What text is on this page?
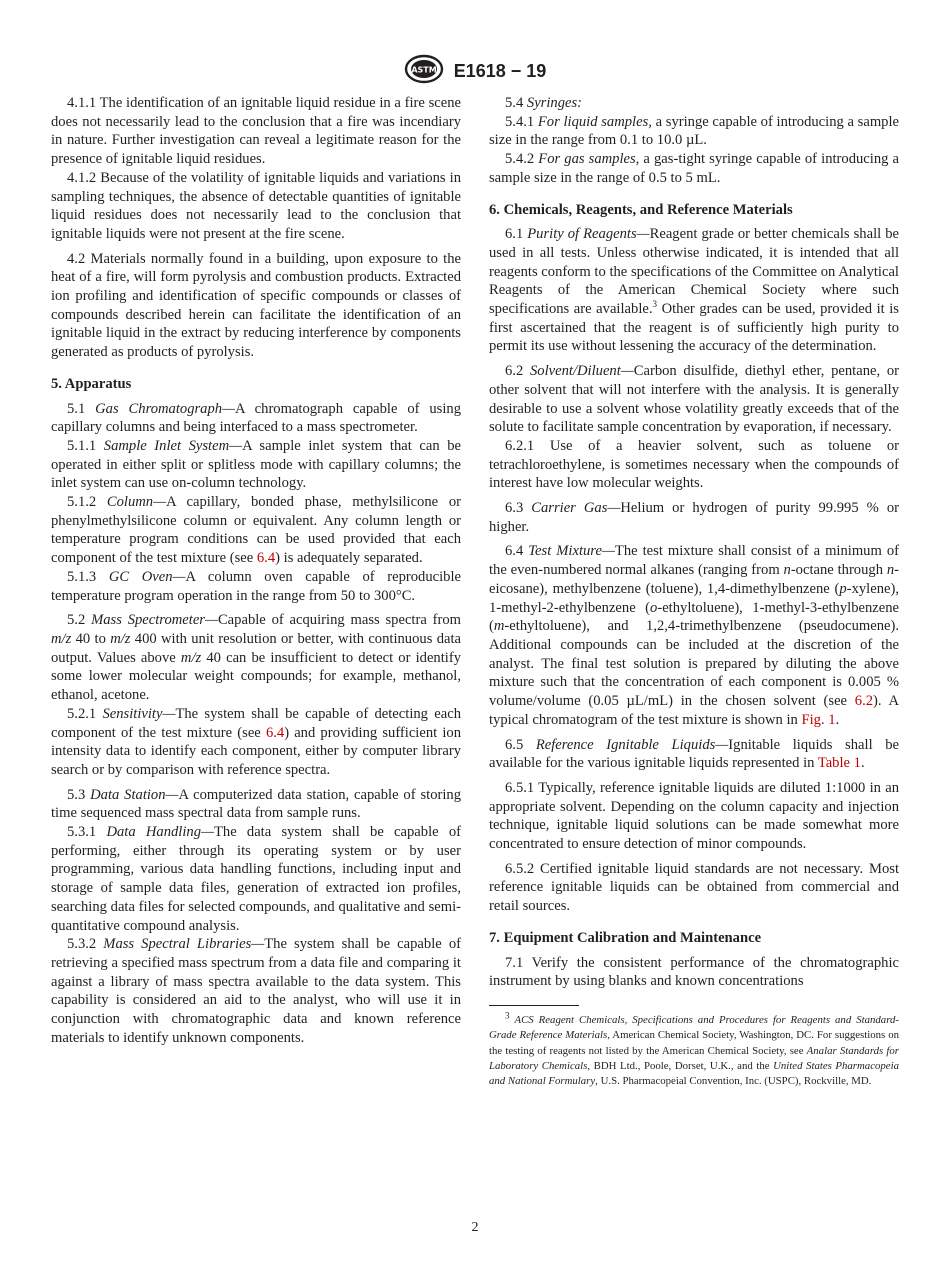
ASTM E1618 − 19

4.1.1 The identification of an ignitable liquid residue in a fire scene does not necessarily lead to the conclusion that a fire was incendiary in nature. Further investigation can reveal a legitimate reason for the presence of ignitable liquid residues.

4.1.2 Because of the volatility of ignitable liquids and variations in sampling techniques, the absence of detectable quantities of ignitable liquid residues does not necessarily lead to the conclusion that ignitable liquids were not present at the fire scene.

4.2 Materials normally found in a building, upon exposure to the heat of a fire, will form pyrolysis and combustion products. Extracted ion profiling and identification of specific compounds or classes of compounds described herein can facilitate the identification of an ignitable liquid in the extract by reducing interference by components generated as products of pyrolysis.

5. Apparatus

5.1 Gas Chromatograph—A chromatograph capable of using capillary columns and being interfaced to a mass spectrometer.

5.1.1 Sample Inlet System—A sample inlet system that can be operated in either split or splitless mode with capillary columns; the inlet system can use on-column technology.

5.1.2 Column—A capillary, bonded phase, methylsilicone or phenylmethylsilicone column or equivalent. Any column length or temperature program conditions can be used provided that each component of the test mixture (see 6.4) is adequately separated.

5.1.3 GC Oven—A column oven capable of reproducible temperature program operation in the range from 50 to 300°C.

5.2 Mass Spectrometer—Capable of acquiring mass spectra from m/z 40 to m/z 400 with unit resolution or better, with continuous data output. Values above m/z 40 can be insufficient to detect or identify some lower molecular weight compounds; for example, methanol, ethanol, acetone.

5.2.1 Sensitivity—The system shall be capable of detecting each component of the test mixture (see 6.4) and providing sufficient ion intensity data to identify each component, either by computer library search or by comparison with reference spectra.

5.3 Data Station—A computerized data station, capable of storing time sequenced mass spectral data from sample runs.

5.3.1 Data Handling—The data system shall be capable of performing, either through its operating system or by user programming, various data handling functions, including input and storage of sample data files, generation of extracted ion profiles, searching data files for selected compounds, and qualitative and semi-quantitative compound analysis.

5.3.2 Mass Spectral Libraries—The system shall be capable of retrieving a specified mass spectrum from a data file and comparing it against a library of mass spectra available to the data system. This capability is considered an aid to the analyst, who will use it in conjunction with chromatographic data and known reference materials to identify unknown components.

5.4 Syringes:

5.4.1 For liquid samples, a syringe capable of introducing a sample size in the range from 0.1 to 10.0 µL.

5.4.2 For gas samples, a gas-tight syringe capable of introducing a sample size in the range of 0.5 to 5 mL.

6. Chemicals, Reagents, and Reference Materials

6.1 Purity of Reagents—Reagent grade or better chemicals shall be used in all tests. Unless otherwise indicated, it is intended that all reagents conform to the specifications of the Committee on Analytical Reagents of the American Chemical Society where such specifications are available.$^3$ Other grades can be used, provided it is first ascertained that the reagent is of sufficiently high purity to permit its use without lessening the accuracy of the determination.

6.2 Solvent/Diluent—Carbon disulfide, diethyl ether, pentane, or other solvent that will not interfere with the analysis. It is generally desirable to use a solvent whose volatility greatly exceeds that of the solute to facilitate sample concentration by evaporation, if necessary.

6.2.1 Use of a heavier solvent, such as toluene or tetrachloroethylene, is sometimes necessary when the compounds of interest have low molecular weights.

6.3 Carrier Gas—Helium or hydrogen of purity 99.995 % or higher.

6.4 Test Mixture—The test mixture shall consist of a minimum of the even-numbered normal alkanes (ranging from n-octane through n-eicosane), methylbenzene (toluene), 1,4-dimethylbenzene (p-xylene), 1-methyl-2-ethylbenzene (o-ethyltoluene), 1-methyl-3-ethylbenzene (m-ethyltoluene), and 1,2,4-trimethylbenzene (pseudocumene). Additional compounds can be included at the discretion of the analyst. The final test solution is prepared by diluting the above mixture such that the concentration of each component is 0.005 % volume/volume (0.05 µL/mL) in the chosen solvent (see 6.2). A typical chromatogram of the test mixture is shown in Fig. 1.

6.5 Reference Ignitable Liquids—Ignitable liquids shall be available for the various ignitable liquids represented in Table 1.

6.5.1 Typically, reference ignitable liquids are diluted 1:1000 in an appropriate solvent. Depending on the column capacity and injection technique, ignitable liquid solutions can be made somewhat more concentrated to ensure detection of minor compounds.

6.5.2 Certified ignitable liquid standards are not necessary. Most reference ignitable liquids can be obtained from commercial and retail sources.

7. Equipment Calibration and Maintenance

7.1 Verify the consistent performance of the chromatographic instrument by using blanks and known concentrations

$^3$ ACS Reagent Chemicals, Specifications and Procedures for Reagents and Standard-Grade Reference Materials, American Chemical Society, Washington, DC. For suggestions on the testing of reagents not listed by the American Chemical Society, see Analar Standards for Laboratory Chemicals, BDH Ltd., Poole, Dorset, U.K., and the United States Pharmacopeia and National Formulary, U.S. Pharmacopeial Convention, Inc. (USPC), Rockville, MD.

2
